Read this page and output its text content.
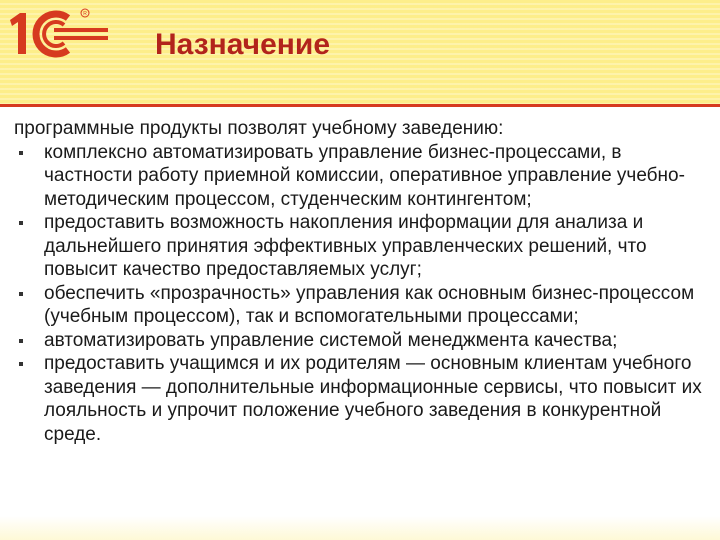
R
Назначение

программные продукты позволят учебному заведению:

комплексно автоматизировать управление бизнес-процессами, в частности работу приемной комиссии, оперативное управление учебно-методическим процессом, студенческим контингентом;
предоставить возможность накопления информации для анализа и дальнейшего принятия эффективных управленческих решений, что повысит качество предоставляемых услуг;
обеспечить «прозрачность» управления как основным бизнес-процессом (учебным процессом), так и вспомогательными процессами;
автоматизировать управление системой менеджмента качества;
предоставить учащимся и их родителям — основным клиентам учебного заведения — дополнительные информационные сервисы, что повысит их лояльность и упрочит положение учебного заведения в конкурентной среде.
